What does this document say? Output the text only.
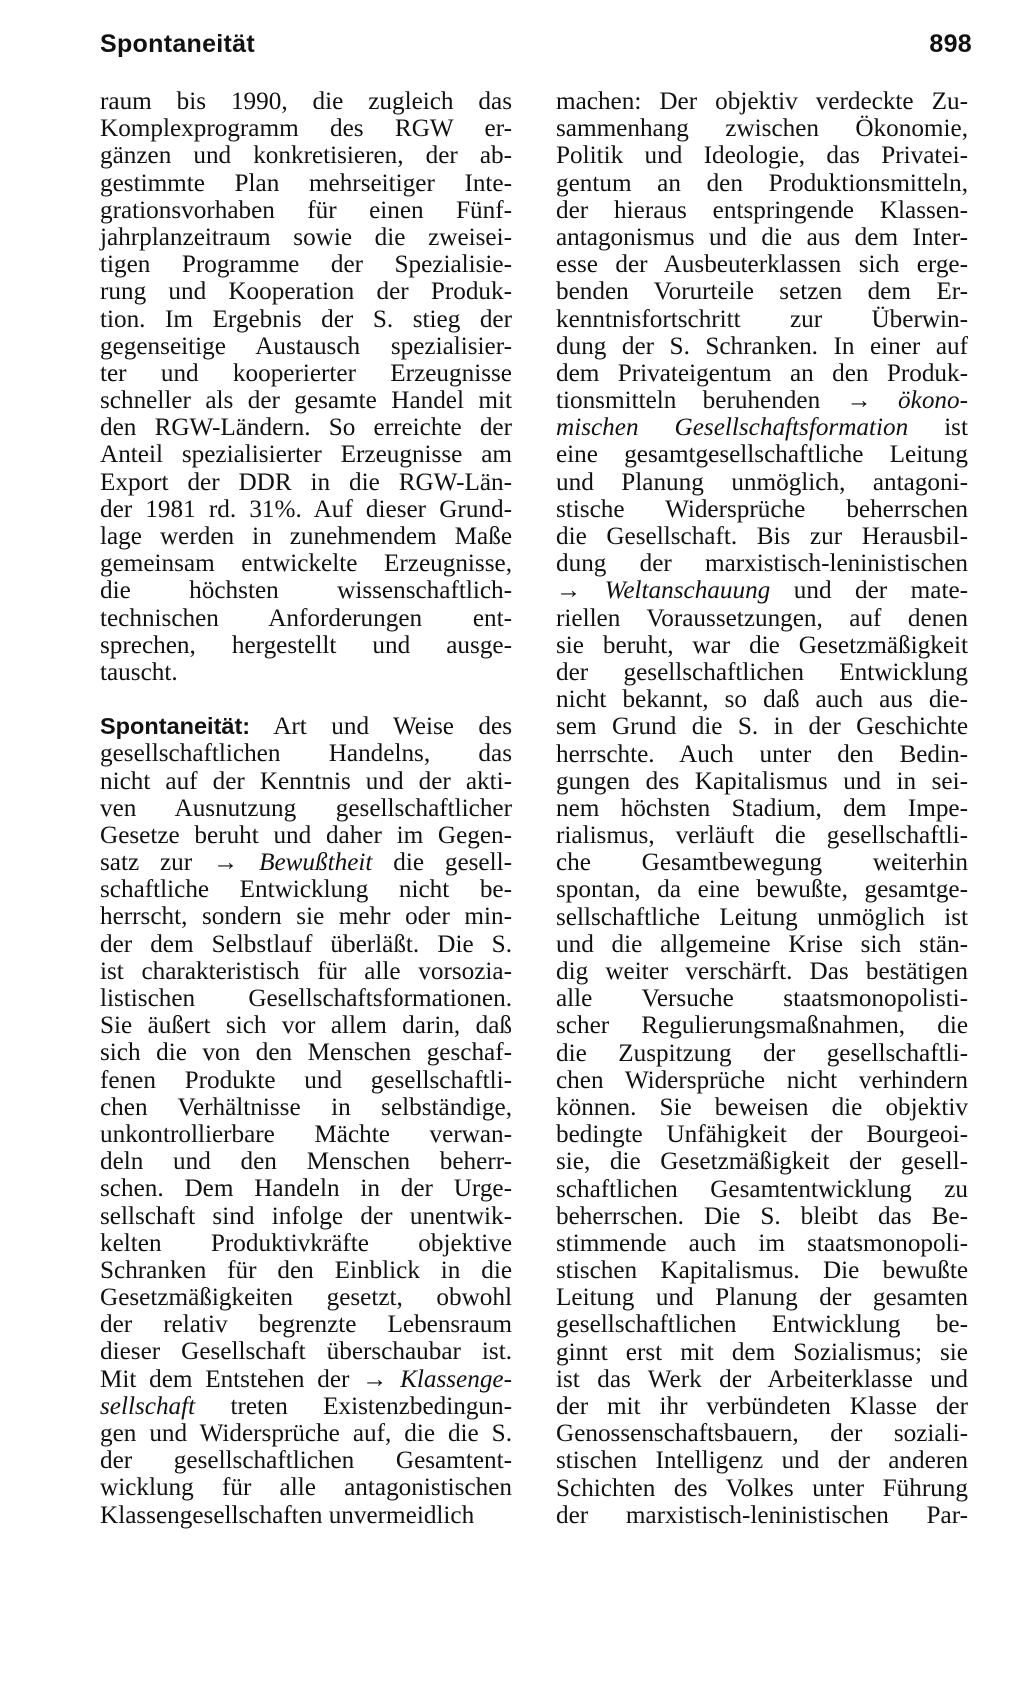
Spontaneität	898
raum bis 1990, die zugleich das
Komplexprogramm des RGW er-
gänzen und konkretisieren, der ab-
gestimmte Plan mehrseitiger Inte-
grationsvorhaben für einen Fünf-
jahrplanzeitraum sowie die zweisei-
tigen Programme der Spezialisie-
rung und Kooperation der Produk-
tion. Im Ergebnis der S. stieg der
gegenseitige Austausch spezialisier-
ter und kooperierter Erzeugnisse
schneller als der gesamte Handel mit
den RGW-Ländern. So erreichte der
Anteil spezialisierter Erzeugnisse am
Export der DDR in die RGW-Län-
der 1981 rd. 31%. Auf dieser Grund-
lage werden in zunehmendem Maße
gemeinsam entwickelte Erzeugnisse,
die höchsten wissenschaftlich-
technischen Anforderungen ent-
sprechen, hergestellt und ausge-
tauscht.
Spontaneität: Art und Weise des
gesellschaftlichen Handelns, das
nicht auf der Kenntnis und der akti-
ven Ausnutzung gesellschaftlicher
Gesetze beruht und daher im Gegen-
satz zur → Bewußtheit die gesell-
schaftliche Entwicklung nicht be-
herrscht, sondern sie mehr oder min-
der dem Selbstlauf überläßt. Die S.
ist charakteristisch für alle vorsozia-
listischen Gesellschaftsformationen.
Sie äußert sich vor allem darin, daß
sich die von den Menschen geschaf-
fenen Produkte und gesellschaftli-
chen Verhältnisse in selbständige,
unkontrollierbare Mächte verwan-
deln und den Menschen beherr-
schen. Dem Handeln in der Urge-
sellschaft sind infolge der unentwik-
kelten Produktivkräfte objektive
Schranken für den Einblick in die
Gesetzmäßigkeiten gesetzt, obwohl
der relativ begrenzte Lebensraum
dieser Gesellschaft überschaubar ist.
Mit dem Entstehen der → Klassenge-
sellschaft treten Existenzbedingun-
gen und Widersprüche auf, die die S.
der gesellschaftlichen Gesamtent-
wicklung für alle antagonistischen
Klassengesellschaften unvermeidlich
machen: Der objektiv verdeckte Zu-
sammenhang zwischen Ökonomie,
Politik und Ideologie, das Privatei-
gentum an den Produktionsmitteln,
der hieraus entspringende Klassen-
antagonismus und die aus dem Inter-
esse der Ausbeuterklassen sich erge-
benden Vorurteile setzen dem Er-
kenntnisfortschritt zur Überwin-
dung der S. Schranken. In einer auf
dem Privateigentum an den Produk-
tionsmitteln beruhenden → ökono-
mischen Gesellschaftsformation ist
eine gesamtgesellschaftliche Leitung
und Planung unmöglich, antagoni-
stische Widersprüche beherrschen
die Gesellschaft. Bis zur Herausbil-
dung der marxistisch-leninistischen
→ Weltanschauung und der mate-
riellen Voraussetzungen, auf denen
sie beruht, war die Gesetzmäßigkeit
der gesellschaftlichen Entwicklung
nicht bekannt, so daß auch aus die-
sem Grund die S. in der Geschichte
herrschte. Auch unter den Bedin-
gungen des Kapitalismus und in sei-
nem höchsten Stadium, dem Impe-
rialismus, verläuft die gesellschaftli-
che Gesamtbewegung weiterhin
spontan, da eine bewußte, gesamtge-
sellschaftliche Leitung unmöglich ist
und die allgemeine Krise sich stän-
dig weiter verschärft. Das bestätigen
alle Versuche staatsmonopolisti-
scher Regulierungsmaßnahmen, die
die Zuspitzung der gesellschaftli-
chen Widersprüche nicht verhindern
können. Sie beweisen die objektiv
bedingte Unfähigkeit der Bourgeoi-
sie, die Gesetzmäßigkeit der gesell-
schaftlichen Gesamtentwicklung zu
beherrschen. Die S. bleibt das Be-
stimmende auch im staatsmonopoli-
stischen Kapitalismus. Die bewußte
Leitung und Planung der gesamten
gesellschaftlichen Entwicklung be-
ginnt erst mit dem Sozialismus; sie
ist das Werk der Arbeiterklasse und
der mit ihr verbündeten Klasse der
Genossenschaftsbauern, der soziali-
stischen Intelligenz und der anderen
Schichten des Volkes unter Führung
der marxistisch-leninistischen Par-
